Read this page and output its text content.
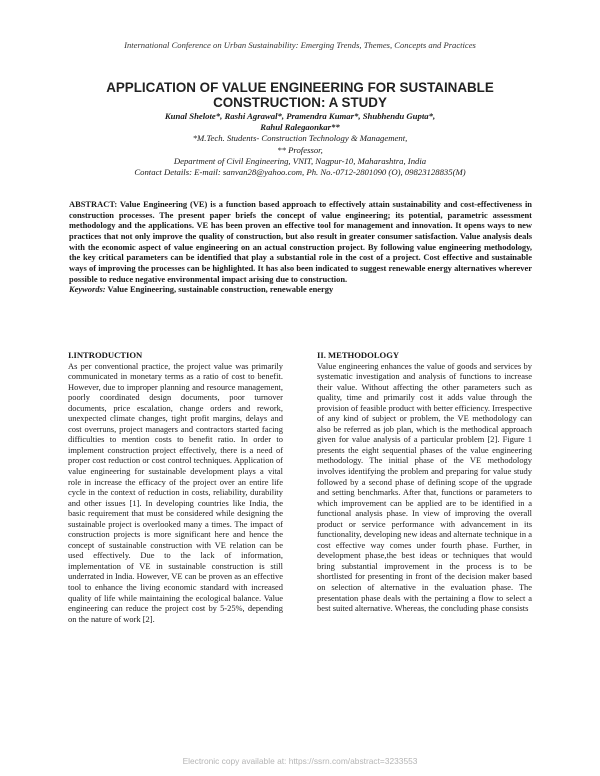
International Conference on Urban Sustainability: Emerging Trends, Themes, Concepts and Practices
APPLICATION OF VALUE ENGINEERING FOR SUSTAINABLE CONSTRUCTION: A STUDY
Kunal Shelote*, Rashi Agrawal*, Pramendra Kumar*, Shubhendu Gupta*,
Rahul Ralegaonkar**
*M.Tech. Students- Construction Technology & Management,
** Professor,
Department of Civil Engineering, VNIT, Nagpur-10, Maharashtra, India
Contact Details: E-mail: sanvan28@yahoo.com, Ph. No.-0712-2801090 (O), 09823128835(M)
ABSTRACT: Value Engineering (VE) is a function based approach to effectively attain sustainability and cost-effectiveness in construction processes. The present paper briefs the concept of value engineering; its potential, parametric assessment methodology and the applications. VE has been proven an effective tool for management and innovation. It opens ways to new practices that not only improve the quality of construction, but also result in greater consumer satisfaction. Value analysis deals with the economic aspect of value engineering on an actual construction project. By following value engineering methodology, the key critical parameters can be identified that play a substantial role in the cost of a project. Cost effective and sustainable ways of improving the processes can be highlighted. It has also been indicated to suggest renewable energy alternatives wherever possible to reduce negative environmental impact arising due to construction.
Keywords: Value Engineering, sustainable construction, renewable energy
I.INTRODUCTION
As per conventional practice, the project value was primarily communicated in monetary terms as a ratio of cost to benefit. However, due to improper planning and resource management, poorly coordinated design documents, poor turnover documents, price escalation, change orders and rework, unexpected climate changes, tight profit margins, delays and cost overruns, project managers and contractors started facing difficulties to mention costs to benefit ratio. In order to implement construction project effectively, there is a need of proper cost reduction or cost control techniques. Application of value engineering for sustainable development plays a vital role in increase the efficacy of the project over an entire life cycle in the context of reduction in costs, reliability, durability and other issues [1]. In developing countries like India, the basic requirement that must be considered while designing the sustainable project is overlooked many a times. The impact of construction projects is more significant here and hence the concept of sustainable construction with VE relation can be used effectively. Due to the lack of information, implementation of VE in sustainable construction is still underrated in India. However, VE can be proven as an effective tool to enhance the living economic standard with increased quality of life while maintaining the ecological balance. Value engineering can reduce the project cost by 5-25%, depending on the nature of work [2].
II. METHODOLOGY
Value engineering enhances the value of goods and services by systematic investigation and analysis of functions to increase their value. Without affecting the other parameters such as quality, time and primarily cost it adds value through the provision of feasible product with better efficiency. Irrespective of any kind of subject or problem, the VE methodology can also be referred as job plan, which is the methodical approach given for value analysis of a particular problem [2]. Figure 1 presents the eight sequential phases of the value engineering methodology. The initial phase of the VE methodology involves identifying the problem and preparing for value study followed by a second phase of defining scope of the upgrade and setting benchmarks. After that, functions or parameters to which improvement can be applied are to be identified in a functional analysis phase. In view of improving the overall product or service performance with advancement in its functionality, developing new ideas and alternate technique in a cost effective way comes under fourth phase. Further, in development phase,the best ideas or techniques that would bring substantial improvement in the process is to be shortlisted for presenting in front of the decision maker based on selection of alternative in the evaluation phase. The presentation phase deals with the pertaining a flow to select a best suited alternative. Whereas, the concluding phase consists
Electronic copy available at: https://ssrn.com/abstract=3233553
